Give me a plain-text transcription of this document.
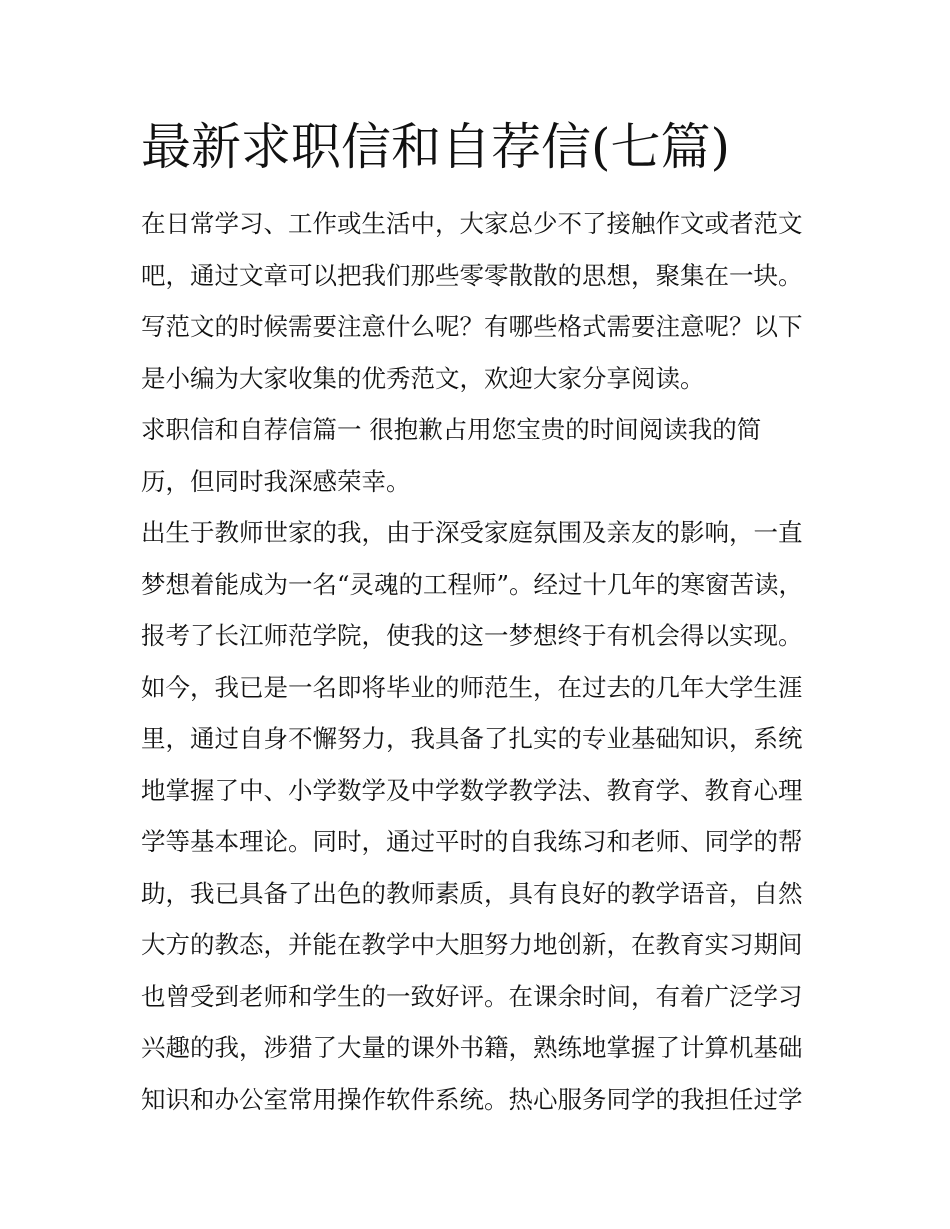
最新求职信和自荐信(七篇)
在日常学习、工作或生活中，大家总少不了接触作文或者范文
吧，通过文章可以把我们那些零零散散的思想，聚集在一块。
写范文的时候需要注意什么呢？有哪些格式需要注意呢？以下
是小编为大家收集的优秀范文，欢迎大家分享阅读。
求职信和自荐信篇一 很抱歉占用您宝贵的时间阅读我的简
历，但同时我深感荣幸。
出生于教师世家的我，由于深受家庭氛围及亲友的影响，一直
梦想着能成为一名“灵魂的工程师”。经过十几年的寒窗苦读，
报考了长江师范学院，使我的这一梦想终于有机会得以实现。
如今，我已是一名即将毕业的师范生，在过去的几年大学生涯
里，通过自身不懈努力，我具备了扎实的专业基础知识，系统
地掌握了中、小学数学及中学数学教学法、教育学、教育心理
学等基本理论。同时，通过平时的自我练习和老师、同学的帮
助，我已具备了出色的教师素质，具有良好的教学语音，自然
大方的教态，并能在教学中大胆努力地创新，在教育实习期间
也曾受到老师和学生的一致好评。在课余时间，有着广泛学习
兴趣的我，涉猎了大量的课外书籍，熟练地掌握了计算机基础
知识和办公室常用操作软件系统。热心服务同学的我担任过学
